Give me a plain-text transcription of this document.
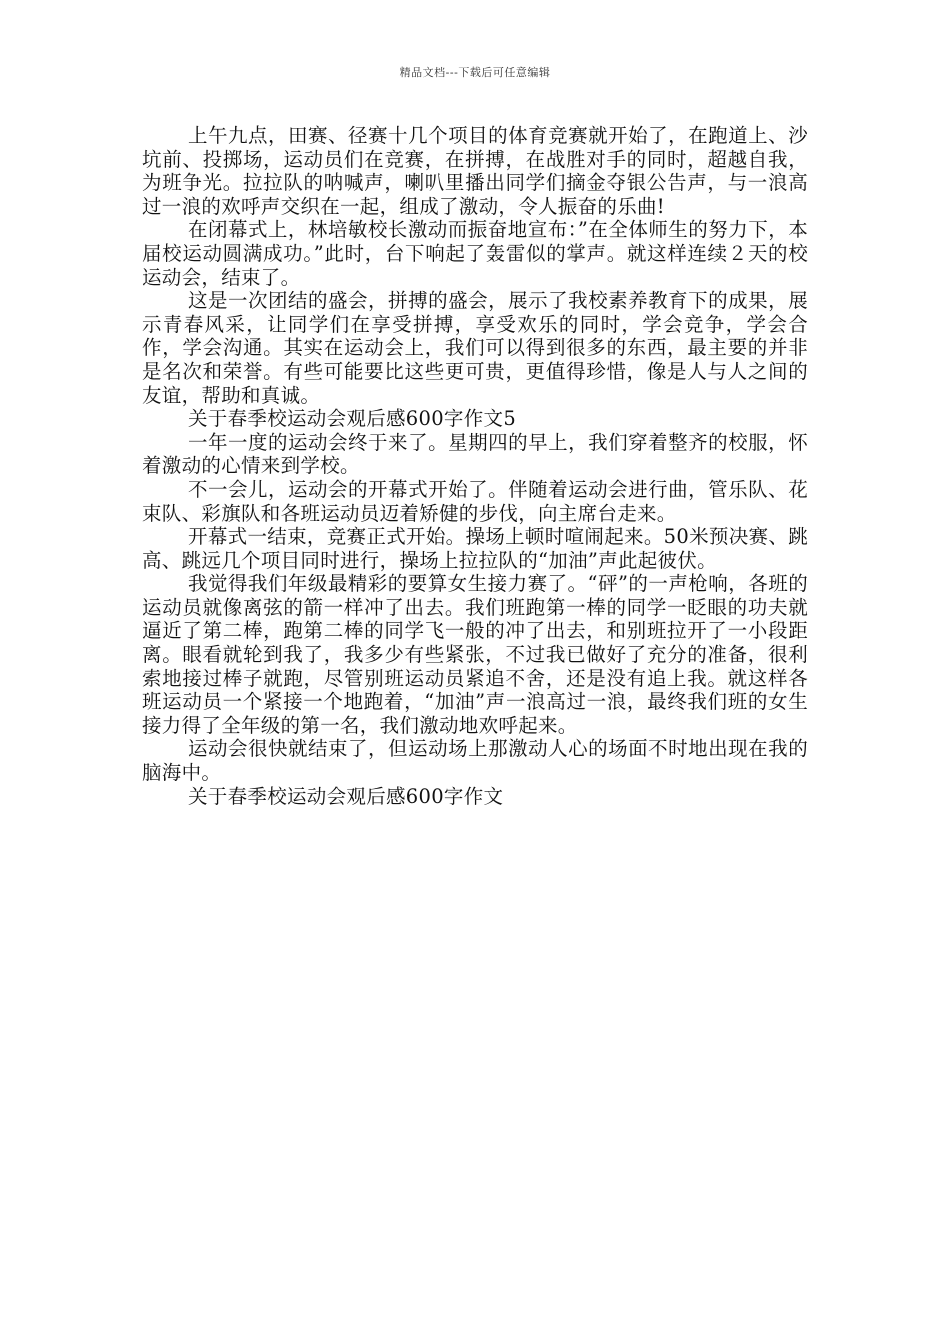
精品文档---下载后可任意编辑

上午九点，田赛、径赛十几个项目的体育竞赛就开始了，在跑道上、沙坑前、投掷场，运动员们在竞赛，在拼搏，在战胜对手的同时，超越自我，为班争光。拉拉队的呐喊声，喇叭里播出同学们摘金夺银公告声，与一浪高过一浪的欢呼声交织在一起，组成了激动，令人振奋的乐曲!

在闭幕式上，林培敏校长激动而振奋地宣布：”在全体师生的努力下，本届校运动圆满成功。”此时，台下响起了轰雷似的掌声。就这样连续２天的校运动会，结束了。

这是一次团结的盛会，拼搏的盛会，展示了我校素养教育下的成果，展示青春风采，让同学们在享受拼搏，享受欢乐的同时，学会竞争，学会合作，学会沟通。其实在运动会上，我们可以得到很多的东西，最主要的并非是名次和荣誉。有些可能要比这些更可贵，更值得珍惜，像是人与人之间的友谊，帮助和真诚。

关于春季校运动会观后感600字作文5

一年一度的运动会终于来了。星期四的早上，我们穿着整齐的校服，怀着激动的心情来到学校。

不一会儿，运动会的开幕式开始了。伴随着运动会进行曲，管乐队、花束队、彩旗队和各班运动员迈着矫健的步伐，向主席台走来。

开幕式一结束，竞赛正式开始。操场上顿时喧闹起来。50米预决赛、跳高、跳远几个项目同时进行，操场上拉拉队的“加油”声此起彼伏。

我觉得我们年级最精彩的要算女生接力赛了。“砰”的一声枪响，各班的运动员就像离弦的箭一样冲了出去。我们班跑第一棒的同学一眨眼的功夫就逼近了第二棒，跑第二棒的同学飞一般的冲了出去，和别班拉开了一小段距离。眼看就轮到我了，我多少有些紧张，不过我已做好了充分的准备，很利索地接过棒子就跑，尽管别班运动员紧追不舍，还是没有追上我。就这样各班运动员一个紧接一个地跑着，“加油”声一浪高过一浪，最终我们班的女生接力得了全年级的第一名，我们激动地欢呼起来。

运动会很快就结束了，但运动场上那激动人心的场面不时地出现在我的脑海中。

关于春季校运动会观后感600字作文
